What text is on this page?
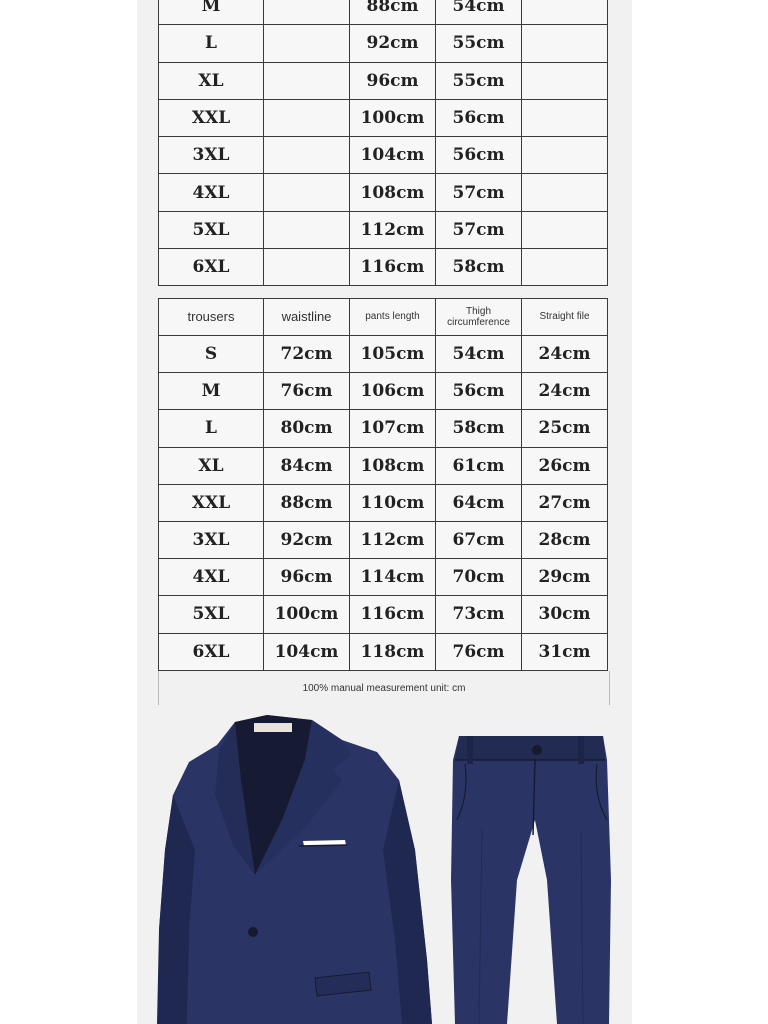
M		88cm	54cm	
L		92cm	55cm	
XL		96cm	55cm	
XXL		100cm	56cm	
3XL		104cm	56cm	
4XL		108cm	57cm	
5XL		112cm	57cm	
6XL		116cm	58cm	
trousers	waistline	pants length	Thigh circumference	Straight file
S	72cm	105cm	54cm	24cm
M	76cm	106cm	56cm	24cm
L	80cm	107cm	58cm	25cm
XL	84cm	108cm	61cm	26cm
XXL	88cm	110cm	64cm	27cm
3XL	92cm	112cm	67cm	28cm
4XL	96cm	114cm	70cm	29cm
5XL	100cm	116cm	73cm	30cm
6XL	104cm	118cm	76cm	31cm
100% manual measurement unit: cm
